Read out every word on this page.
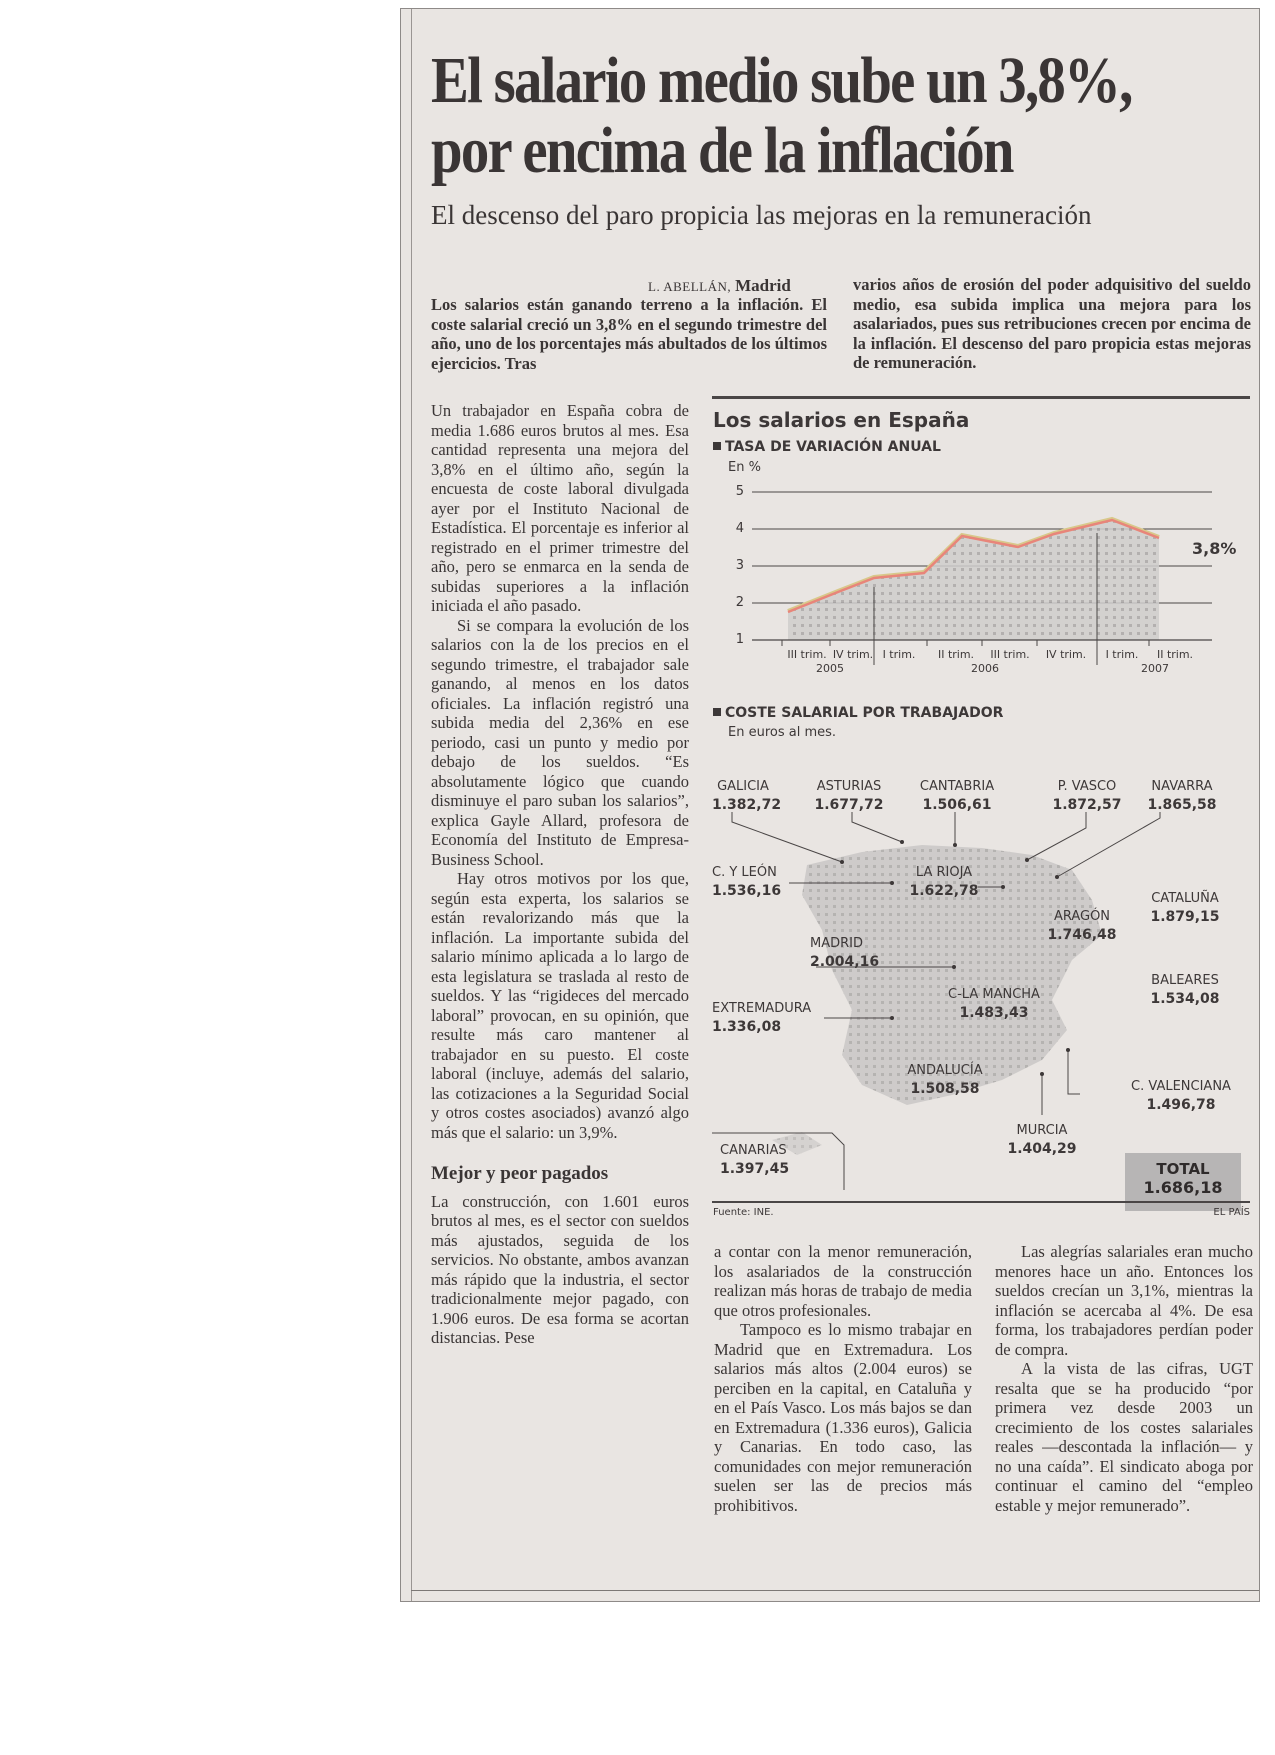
El salario medio sube un 3,8%,
por encima de la inflación
El descenso del paro propicia las mejoras en la remuneración
L. ABELLÁN, Madrid
Los salarios están ganando terreno a la inflación. El coste salarial creció un 3,8% en el segundo trimestre del año, uno de los porcentajes más abultados de los últimos ejercicios. Tras
varios años de erosión del poder adquisitivo del sueldo medio, esa subida implica una mejora para los asalariados, pues sus retribuciones crecen por encima de la inflación. El descenso del paro propicia estas mejoras de remuneración.

Un trabajador en España cobra de media 1.686 euros brutos al mes. Esa cantidad representa una mejora del 3,8% en el último año, según la encuesta de coste laboral divulgada ayer por el Instituto Nacional de Estadística. El porcentaje es inferior al registrado en el primer trimestre del año, pero se enmarca en la senda de subidas superiores a la inflación iniciada el año pasado.

Si se compara la evolución de los salarios con la de los precios en el segundo trimestre, el trabajador sale ganando, al menos en los datos oficiales. La inflación registró una subida media del 2,36% en ese periodo, casi un punto y medio por debajo de los sueldos. “Es absolutamente lógico que cuando disminuye el paro suban los salarios”, explica Gayle Allard, profesora de Economía del Instituto de Empresa-Business School.

Hay otros motivos por los que, según esta experta, los salarios se están revalorizando más que la inflación. La importante subida del salario mínimo aplicada a lo largo de esta legislatura se traslada al resto de sueldos. Y las “rigideces del mercado laboral” provocan, en su opinión, que resulte más caro mantener al trabajador en su puesto. El coste laboral (incluye, además del salario, las cotizaciones a la Seguridad Social y otros costes asociados) avanzó algo más que el salario: un 3,9%.

Mejor y peor pagados

La construcción, con 1.601 euros brutos al mes, es el sector con sueldos más ajustados, seguida de los servicios. No obstante, ambos avanzan más rápido que la industria, el sector tradicionalmente mejor pagado, con 1.906 euros. De esa forma se acortan distancias. Pese

a contar con la menor remuneración, los asalariados de la construcción realizan más horas de trabajo de media que otros profesionales.

Tampoco es lo mismo trabajar en Madrid que en Extremadura. Los salarios más altos (2.004 euros) se perciben en la capital, en Cataluña y en el País Vasco. Los más bajos se dan en Extremadura (1.336 euros), Galicia y Canarias. En todo caso, las comunidades con mejor remuneración suelen ser las de precios más prohibitivos.

Las alegrías salariales eran mucho menores hace un año. Entonces los sueldos crecían un 3,1%, mientras la inflación se acercaba al 4%. De esa forma, los trabajadores perdían poder de compra.

A la vista de las cifras, UGT resalta que se ha producido “por primera vez desde 2003 un crecimiento de los costes salariales reales —descontada la inflación— y no una caída”. El sindicato aboga por continuar el camino del “empleo estable y mejor remunerado”.

Los salarios en España
TASA DE VARIACIÓN ANUAL
En %
5
4
3
2
1
III trim. IV trim. I trim.	II trim.	III trim.	IV trim.	I trim.	II trim.
2005	2006	2007
3,8%
COSTE SALARIAL POR TRABAJADOR
En euros al mes.
GALICIA
1.382,72
ASTURIAS
1.677,72
CANTABRIA
1.506,61
P. VASCO
1.872,57
NAVARRA
1.865,58
C. Y LEÓN
1.536,16
LA RIOJA
1.622,78	CATALUÑA
1.879,15
ARAGÓN
1.746,48
MADRID
2.004,16
BALEARES
1.534,08
C-LA MANCHA
1.483,43
EXTREMADURA
1.336,08
C. VALENCIANA
1.496,78
ANDALUCÍA
1.508,58
CANARIAS
1.397,45
MURCIA
1.404,29
TOTAL
1.686,18
Fuente: INE.	EL PAÍS
